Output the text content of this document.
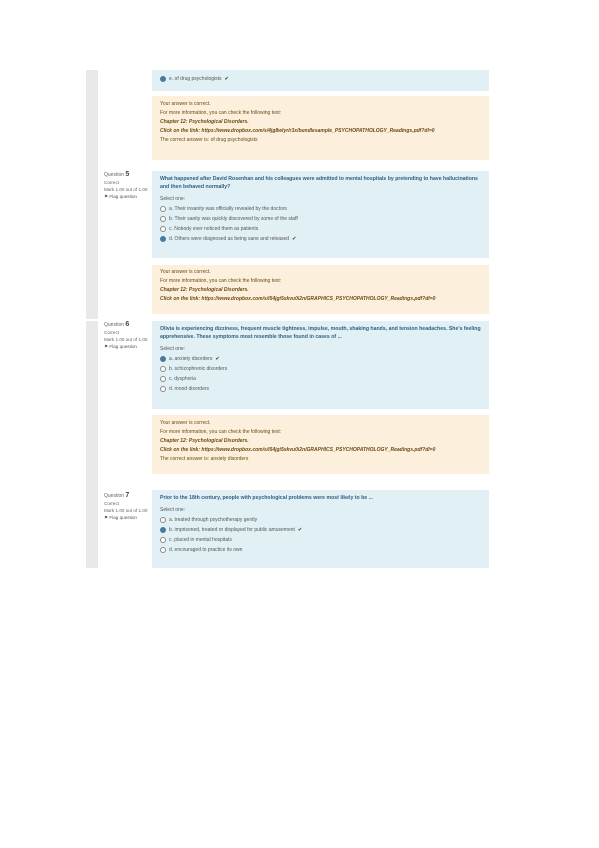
e. of drug psychologists ✔
Your answer is correct.
For more information, you can check the following text:
Chapter 12: Psychological Disorders.
Click on the link: https://www.dropbox.com/s/4jg8wlyr/r3x/bundlesample_PSYCHOPATHOLOGY_Readings.pdf?dl=0
The correct answer is: of drug psychologists
Question 5
Correct
Mark 1.00 out of 1.00
⚑ Flag question
What happened after David Rosenhan and his colleagues were admitted to mental hospitals by pretending to have hallucinations and then behaved normally?
Select one:
a. Their insanity was officially revealed by the doctors
b. Their sanity was quickly discovered by some of the staff
c. Nobody ever noticed them as patients
d. Others were diagnosed as being sane and released ✔
Your answer is correct.
For more information, you can check the following text:
Chapter 12: Psychological Disorders.
Click on the link: https://www.dropbox.com/s/i54jgi5xkvu0i2n/GRAPHICS_PSYCHOPATHOLOGY_Readings.pdf?dl=0
Question 6
Correct
Mark 1.00 out of 1.00
⚑ Flag question
Olivia is experiencing dizziness, frequent muscle tightness, impulse, mouth, shaking hands, and tension headaches. She's feeling apprehensive. These symptoms most resemble those found in cases of ...
Select one:
a. anxiety disorders ✔
b. schizophrenic disorders
c. dysphoria
d. mood disorders
Your answer is correct.
For more information, you can check the following text:
Chapter 12: Psychological Disorders.
Click on the link: https://www.dropbox.com/s/i54jgi5xkvu0i2n/GRAPHICS_PSYCHOPATHOLOGY_Readings.pdf?dl=0
The correct answer is: anxiety disorders
Question 7
Correct
Mark 1.00 out of 1.00
⚑ Flag question
Prior to the 18th century, people with psychological problems were most likely to be ...
Select one:
a. treated through psychotherapy gently
b. imprisoned, treated or displayed for public amusement ✔
c. placed in mental hospitals
d. encouraged to practice its own
